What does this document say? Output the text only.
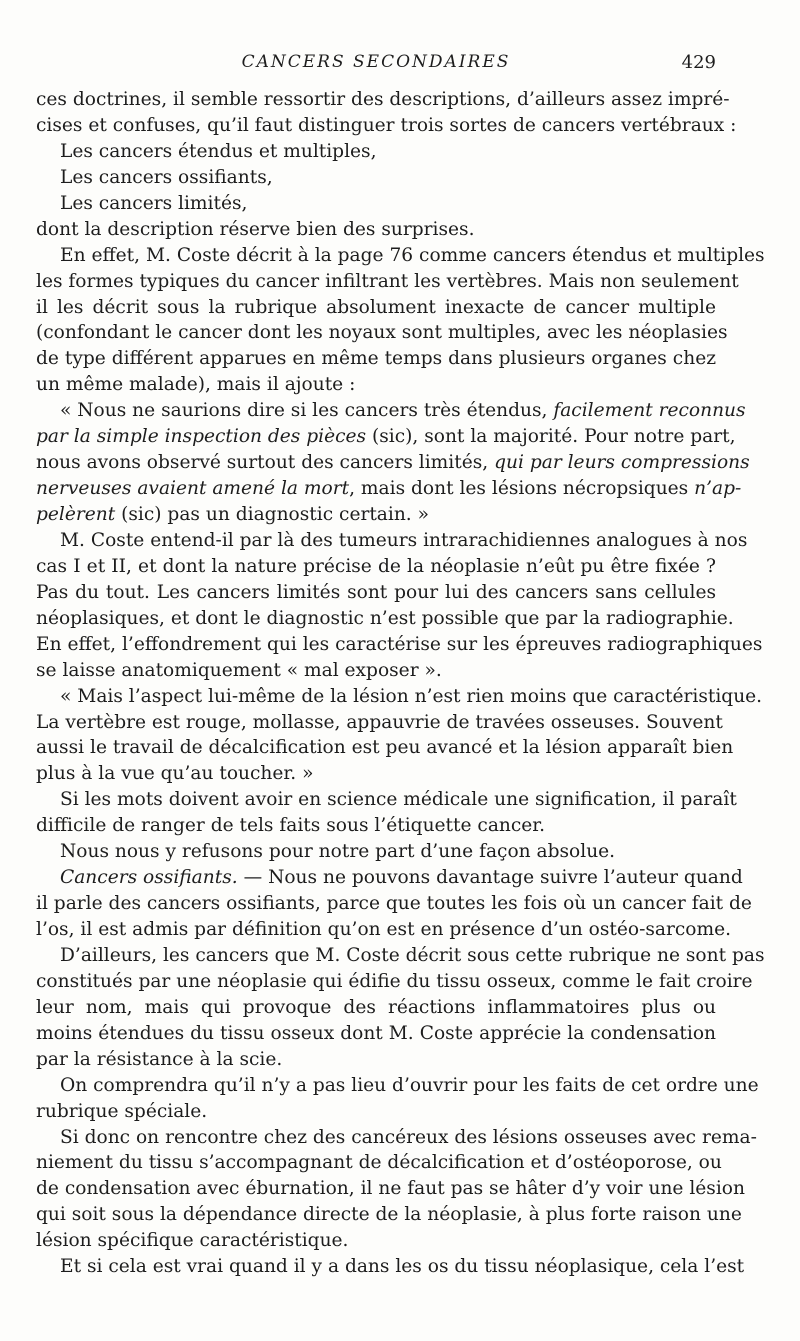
CANCERS SECONDAIRES	429
ces doctrines, il semble ressortir des descriptions, d’ailleurs assez impré-
cises et confuses, qu’il faut distinguer trois sortes de cancers vertébraux :
Les cancers étendus et multiples,
Les cancers ossifiants,
Les cancers limités,
dont la description réserve bien des surprises.
En effet, M. Coste décrit à la page 76 comme cancers étendus et multiples
les formes typiques du cancer infiltrant les vertèbres. Mais non seulement
il les décrit sous la rubrique absolument inexacte de cancer multiple
(confondant le cancer dont les noyaux sont multiples, avec les néoplasies
de type différent apparues en même temps dans plusieurs organes chez
un même malade), mais il ajoute :
« Nous ne saurions dire si les cancers très étendus, facilement reconnus
par la simple inspection des pièces (sic), sont la majorité. Pour notre part,
nous avons observé surtout des cancers limités, qui par leurs compressions
nerveuses avaient amené la mort, mais dont les lésions nécropsiques n’ap-
pelèrent (sic) pas un diagnostic certain. »
M. Coste entend-il par là des tumeurs intrarachidiennes analogues à nos
cas I et II, et dont la nature précise de la néoplasie n’eût pu être fixée ?
Pas du tout. Les cancers limités sont pour lui des cancers sans cellules
néoplasiques, et dont le diagnostic n’est possible que par la radiographie.
En effet, l’effondrement qui les caractérise sur les épreuves radiographiques
se laisse anatomiquement « mal exposer ».
« Mais l’aspect lui-même de la lésion n’est rien moins que caractéristique.
La vertèbre est rouge, mollasse, appauvrie de travées osseuses. Souvent
aussi le travail de décalcification est peu avancé et la lésion apparaît bien
plus à la vue qu’au toucher. »
Si les mots doivent avoir en science médicale une signification, il paraît
difficile de ranger de tels faits sous l’étiquette cancer.
Nous nous y refusons pour notre part d’une façon absolue.
Cancers ossifiants. — Nous ne pouvons davantage suivre l’auteur quand
il parle des cancers ossifiants, parce que toutes les fois où un cancer fait de
l’os, il est admis par définition qu’on est en présence d’un ostéo-sarcome.
D’ailleurs, les cancers que M. Coste décrit sous cette rubrique ne sont pas
constitués par une néoplasie qui édifie du tissu osseux, comme le fait croire
leur nom, mais qui provoque des réactions inflammatoires plus ou
moins étendues du tissu osseux dont M. Coste apprécie la condensation
par la résistance à la scie.
On comprendra qu’il n’y a pas lieu d’ouvrir pour les faits de cet ordre une
rubrique spéciale.
Si donc on rencontre chez des cancéreux des lésions osseuses avec rema-
niement du tissu s’accompagnant de décalcification et d’ostéoporose, ou
de condensation avec éburnation, il ne faut pas se hâter d’y voir une lésion
qui soit sous la dépendance directe de la néoplasie, à plus forte raison une
lésion spécifique caractéristique.
Et si cela est vrai quand il y a dans les os du tissu néoplasique, cela l’est
